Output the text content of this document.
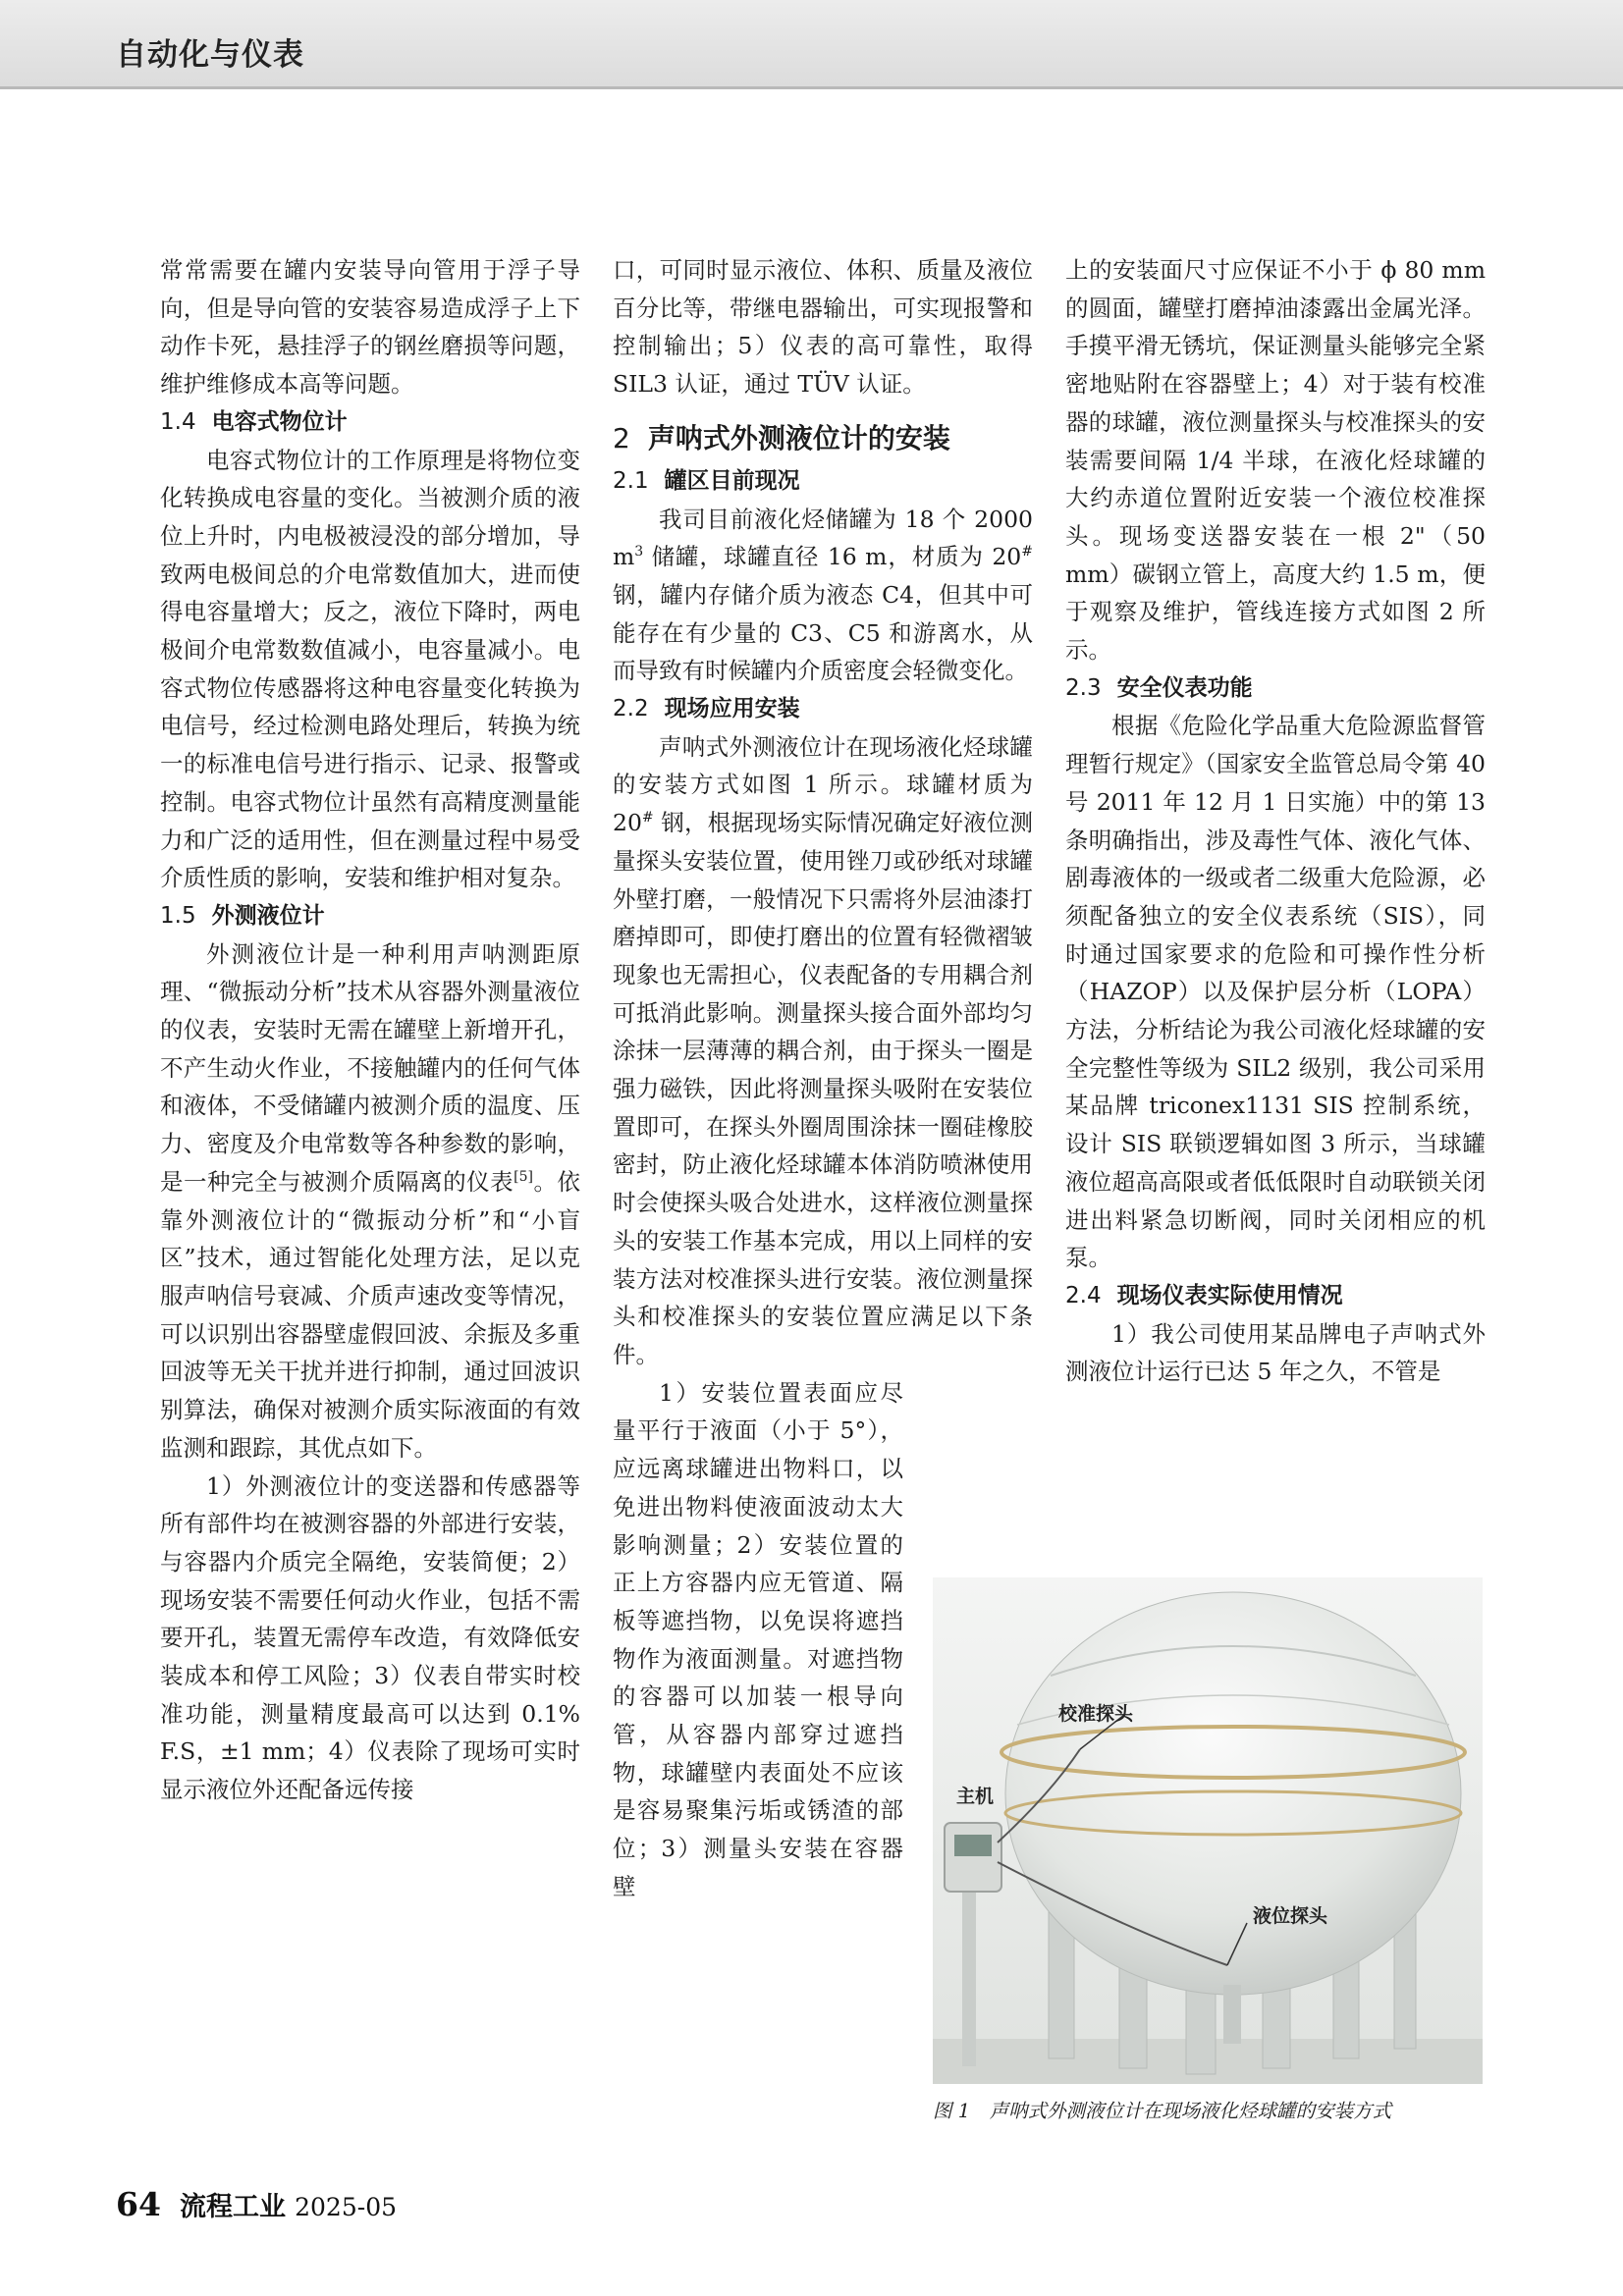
自动化与仪表

常常需要在罐内安装导向管用于浮子导向，但是导向管的安装容易造成浮子上下动作卡死，悬挂浮子的钢丝磨损等问题，维护维修成本高等问题。

1.4 电容式物位计

电容式物位计的工作原理是将物位变化转换成电容量的变化。当被测介质的液位上升时，内电极被浸没的部分增加，导致两电极间总的介电常数值加大，进而使得电容量增大；反之，液位下降时，两电极间介电常数数值减小，电容量减小。电容式物位传感器将这种电容量变化转换为电信号，经过检测电路处理后，转换为统一的标准电信号进行指示、记录、报警或控制。电容式物位计虽然有高精度测量能力和广泛的适用性，但在测量过程中易受介质性质的影响，安装和维护相对复杂。

1.5 外测液位计

外测液位计是一种利用声呐测距原理、“微振动分析”技术从容器外测量液位的仪表，安装时无需在罐壁上新增开孔，不产生动火作业，不接触罐内的任何气体和液体，不受储罐内被测介质的温度、压力、密度及介电常数等各种参数的影响，是一种完全与被测介质隔离的仪表[5]。依靠外测液位计的“微振动分析”和“小盲区”技术，通过智能化处理方法，足以克服声呐信号衰减、介质声速改变等情况，可以识别出容器壁虚假回波、余振及多重回波等无关干扰并进行抑制，通过回波识别算法，确保对被测介质实际液面的有效监测和跟踪，其优点如下。

1）外测液位计的变送器和传感器等所有部件均在被测容器的外部进行安装，与容器内介质完全隔绝，安装简便；2）现场安装不需要任何动火作业，包括不需要开孔，装置无需停车改造，有效降低安装成本和停工风险；3）仪表自带实时校准功能，测量精度最高可以达到 0.1% F.S，±1 mm；4）仪表除了现场可实时显示液位外还配备远传接

口，可同时显示液位、体积、质量及液位百分比等，带继电器输出，可实现报警和控制输出；5）仪表的高可靠性，取得 SIL3 认证，通过 TÜV 认证。

2 声呐式外测液位计的安装
2.1 罐区目前现况

我司目前液化烃储罐为 18 个 2000 $m^3$ 储罐，球罐直径 16 m，材质为 20# 钢，罐内存储介质为液态 C4，但其中可能存在有少量的 C3、C5 和游离水，从而导致有时候罐内介质密度会轻微变化。

2.2 现场应用安装

声呐式外测液位计在现场液化烃球罐的安装方式如图 1 所示。球罐材质为 20# 钢，根据现场实际情况确定好液位测量探头安装位置，使用锉刀或砂纸对球罐外壁打磨，一般情况下只需将外层油漆打磨掉即可，即使打磨出的位置有轻微褶皱现象也无需担心，仪表配备的专用耦合剂可抵消此影响。测量探头接合面外部均匀涂抹一层薄薄的耦合剂，由于探头一圈是强力磁铁，因此将测量探头吸附在安装位置即可，在探头外圈周围涂抹一圈硅橡胶密封，防止液化烃球罐本体消防喷淋使用时会使探头吸合处进水，这样液位测量探头的安装工作基本完成，用以上同样的安装方法对校准探头进行安装。液位测量探头和校准探头的安装位置应满足以下条件。

1）安装位置表面应尽量平行于液面（小于 5°），应远离球罐进出物料口，以免进出物料使液面波动太大影响测量；2）安装位置的正上方容器内应无管道、隔板等遮挡物，以免误将遮挡物作为液面测量。对遮挡物的容器可以加装一根导向管，从容器内部穿过遮挡物，球罐壁内表面处不应该是容易聚集污垢或锈渣的部位；3）测量头安装在容器壁

上的安装面尺寸应保证不小于 ϕ 80 mm 的圆面，罐壁打磨掉油漆露出金属光泽。手摸平滑无锈坑，保证测量头能够完全紧密地贴附在容器壁上；4）对于装有校准器的球罐，液位测量探头与校准探头的安装需要间隔 1/4 半球，在液化烃球罐的大约赤道位置附近安装一个液位校准探头。现场变送器安装在一根 2"（50 mm）碳钢立管上，高度大约 1.5 m，便于观察及维护，管线连接方式如图 2 所示。

2.3 安全仪表功能

根据《危险化学品重大危险源监督管理暂行规定》（国家安全监管总局令第 40 号 2011 年 12 月 1 日实施）中的第 13 条明确指出，涉及毒性气体、液化气体、剧毒液体的一级或者二级重大危险源，必须配备独立的安全仪表系统（SIS），同时通过国家要求的危险和可操作性分析（HAZOP）以及保护层分析（LOPA）方法，分析结论为我公司液化烃球罐的安全完整性等级为 SIL2 级别，我公司采用某品牌 triconex1131 SIS 控制系统，设计 SIS 联锁逻辑如图 3 所示，当球罐液位超高高限或者低低限时自动联锁关闭进出料紧急切断阀，同时关闭相应的机泵。

2.4 现场仪表实际使用情况

1）我公司使用某品牌电子声呐式外测液位计运行已达 5 年之久，不管是

校准探头
主机
液位探头
图 1　声呐式外测液位计在现场液化烃球罐的安装方式
64 流程工业 2025-05
